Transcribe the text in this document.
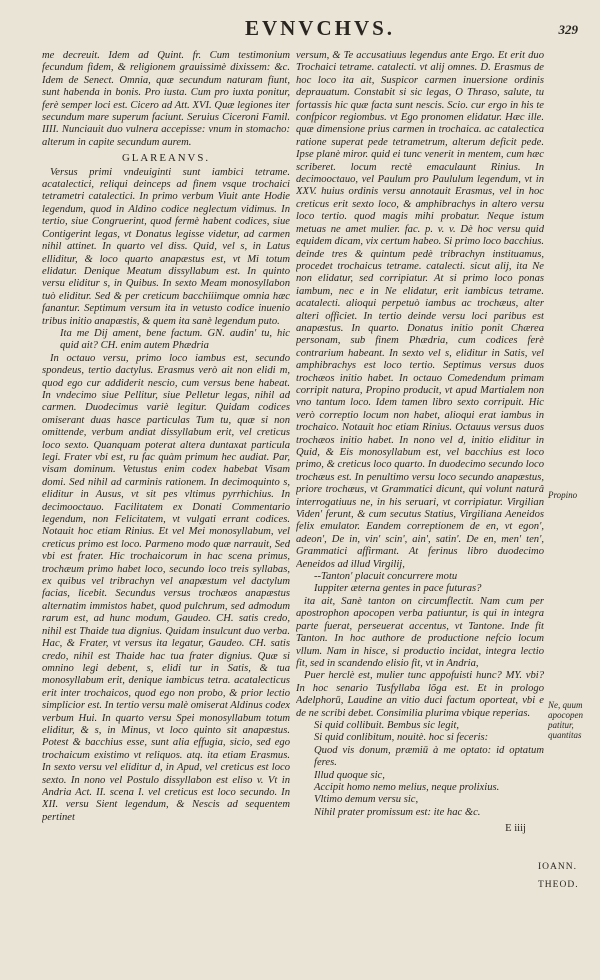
EVNVCHVS.	329

me decreuit. Idem ad Quint. fr. Cum testimonium fecundum fidem, & religionem grauissimè dixissem: &c. Idem de Senect. Omnia, quæ secundum naturam fiunt, sunt habenda in bonis. Pro iusta. Cum pro iuxta ponitur, ferè semper loci est. Cicero ad Att. XVI. Quæ legiones iter secundum mare superum faciunt. Seruius Ciceroni Famil. IIII. Nunciauit duo vulnera accepisse: vnum in stomacho: alterum in capite secundum aurem.

GLAREANVS.

Versus primi vndeuiginti sunt iambici tetrame. acatalectici, reliqui deinceps ad finem vsque trochaici tetrametri catalectici. In primo verbum Viuit ante Hodie legendum, quod in Aldino codice neglectum vidimus. In tertio, siue Congruerint, quod fermè habent codices, siue Contigerint legas, vt Donatus legisse videtur, ad carmen nihil attinet. In quarto vel diss. Quid, vel s, in Latus elliditur, & loco quarto anapæstus est, vt Mi totum elidatur. Denique Meatum dissyllabum est. In quinto versu eliditur s, in Quibus. In sexto Meam monosyllabon tuò eliditur. Sed & per creticum bacchiiimque omnia hæc fanantur. Septimum versum ita in vetusto codice inuenio tribus initio anapæstis, & quem ita sanè legendum puto.

Ita me Dij ament, bene factum. GN. audin' tu, hic quid ait? CH. enim autem Phædria

In octauo versu, primo loco iambus est, secundo spondeus, tertio dactylus. Erasmus verò ait non elidi m, quod ego cur addiderit nescio, cum versus bene habeat. In vndecimo siue Pellitur, siue Pelletur legas, nihil ad carmen. Duodecimus variè legitur. Quidam codices omiserant duas hasce particulas Tum tu, quæ si non omittende, verbum andiat dissyllabum erit, vel creticus loco sexto. Quanquam poterat altera duntaxat particula legi. Frater vbi est, ru fac quàm primum hec audiat. Par, visam dominum. Vetustus enim codex habebat Visam domi. Sed nihil ad carminis rationem. In decimoquinto s, eliditur in Ausus, vt sit pes vltimus pyrrhichius. In decimooctauo. Facilitatem ex Donati Commentario legendum, non Felicitatem, vt vulgati errant codices. Notauit hoc etiam Rinius. Et vel Mei monosyllabum, vel creticus primo est loco. Parmeno modo quæ narrauit, Sed vbi est frater. Hic trochaicorum in hac scena primus, trochæum primo habet loco, secundo loco treis syllabas, ex quibus vel tribrachyn vel anapæstum vel dactylum facias, licebit. Secundus versus trochæos anapæstus alternatim immistos habet, quod pulchrum, sed admodum rarum est, ad hunc modum, Gaudeo. CH. satis credo, nihil est Thaide tua dignius. Quidam insulcunt duo verba. Hac, & Frater, vt versus ita legatur, Gaudeo. CH. satis credo, nihil est Thaide hac tua frater dignius. Quæ si omnino legi debent, s, elidi tur in Satis, & tua monosyllabum erit, denique iambicus tetra. acatalecticus erit inter trochaicos, quod ego non probo, & prior lectio simplicior est. In tertio versu malè omiserat Aldinus codex verbum Hui. In quarto versu Spei monosyllabum totum eliditur, & s, in Minus, vt loco quinto sit anapæstus. Potest & bacchius esse, sunt alia effugia, sicio, sed ego trochaicum existimo vt reliquos. atq. ita etiam Erasmus. In sexto versu vel eliditur d, in Apud, vel creticus est loco sexto. In nono vel Postulo dissyllabon est eliso v. Vt in Andria Act. II. scena I. vel creticus est loco secundo. In XII. versu Sient legendum, & Nescis ad sequentem pertinet

versum, & Te accusatiuus legendus ante Ergo. Et erit duo Trochaici tetrame. catalecti. vt alij omnes. D. Erasmus de hoc loco ita ait, Suspicor carmen inuersione ordinis deprauatum. Constabit si sic legas, O Thraso, salute, tu fortassis hic quæ facta sunt nescis. Scio. cur ergo in his te confpicor regiombus. vt Ego pronomen elidatur. Hæc ille. quæ dimensione prius carmen in trochaica. ac catalectica ratione superat pede tetrametrum, alterum deficit pede. Ipse planè miror. quid ei tunc venerit in mentem, cum hæc scriberet. locum rectè emaculaunt Rinius. In decimooctauo, vel Paulum pro Paululum legendum, vt in XXV. huius ordinis versu annotauit Erasmus, vel in hoc creticus erit sexto loco, & amphibrachys in altero versu loco tertio. quod magis mihi probatur. Neque istum metuas ne amet mulier. fac. p. v. v. Dè hoc versu quid equidem dicam, vix certum habeo. Si primo loco bacchius. deinde tres & quintum pedè tribrachyn instituamus, procedet trochaicus tetrame. catalecti. sicut alij, ita Ne non elidatur, sed corripiatur. At si primo loco ponas iambum, nec e in Ne elidatur, erit iambicus tetrame. acatalecti. alioqui perpetuò iambus ac trochæus, alter alteri officiet. In tertio deinde versu loci paribus est anapæstus. In quarto. Donatus initio ponit Chærea personam, sub finem Phædria, cum codices ferè contrarium habeant. In sexto vel s, eliditur in Satis, vel amphibrachys est loco tertio. Septimus versus duos trochæos initio habet. In octauo Comedendum primam corripit natura, Propino producit, vt apud Martialem non vno tantum loco. Idem tamen libro sexto corripuit. Hic verò correptio locum non habet, alioqui erat iambus in trochaico. Notauit hoc etiam Rinius. Octauus versus duos trochæos initio habet. In nono vel d, initio eliditur in Quid, & Eis monosyllabum est, vel bacchius est loco primo, & creticus loco quarto. In duodecimo secundo loco trochæus est. In penultimo versu loco secundo anapæstus, priore trochæus, vt Grammatici dicunt, qui volunt naturâ interrogatiuus ne, in his seruari, vt corripiatur. Virgilian Viden' ferunt, & cum secutus Statius, Virgiliana Aeneidos felix emulator. Eandem correptionem de en, vt egon', adeon', De in, vin' scin', ain', satin'. De en, men' ten', Grammatici affirmant. At ferinus libro duodecimo Aeneidos ad illud Virgilij,

--Tanton' placuit concurrere motu

Iuppiter æterna gentes in pace futuras?

ita ait, Sanè tanton on circumflectit. Nam cum per apostrophon apocopen verba patiuntur, is qui in integra parte fuerat, perseuerat accentus, vt Tantone. Inde fit Tanton. In hoc authore de productione nefcio locum vllum. Nam in hisce, si productio incidat, integra lectio fit, sed in scandendo elisio fit, vt in Andria,

Puer herclè est, mulier tunc appofuisti hunc? MY. vbi? In hoc senario Tusfyllaba lõga est. Et in prologo Adelphorū, Laudine an vitio duci factum oporteat, vbi e de ne scribi debet. Consimilia plurima vbique reperias.

Si quid collibuit. Bembus sic legit,

Si quid conlibitum, nouitè. hoc si feceris:

Quod vis donum, præmiū à me optato: id optatum feres.

Illud quoque sic,

Accipit homo nemo melius, neque prolixius.

Vltimo demum versu sic,

Nihil prater promissum est: ite hac &c.

E iiij
Propino
Ne, quum apocopen patitur, quantitas
IOANN.
THEOD.
